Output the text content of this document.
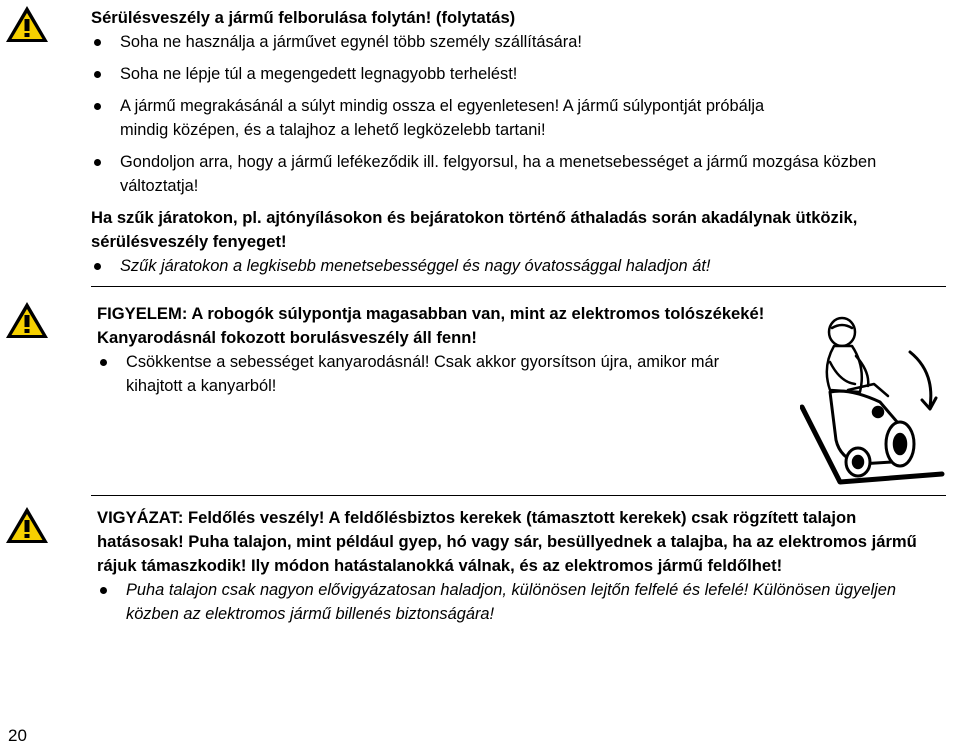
Sérülésveszély a jármű felborulása folytán! (folytatás)

Soha ne használja a járművet egynél több személy szállítására!
Soha ne lépje túl a megengedett legnagyobb terhelést!
A jármű megrakásánál a súlyt mindig ossza el egyenletesen! A jármű súlypontját próbálja mindig középen, és a talajhoz a lehető legközelebb tartani!
Gondoljon arra, hogy a jármű lefékeződik ill. felgyorsul, ha a menetsebességet a jármű mozgása közben változtatja!

Ha szűk járatokon, pl. ajtónyílásokon és bejáratokon történő áthaladás során akadálynak ütközik, sérülésveszély fenyeget!

Szűk járatokon a legkisebb menetsebességgel és nagy óvatossággal haladjon át!

FIGYELEM: A robogók súlypontja magasabban van, mint az elektromos tolószékeké! Kanyarodásnál fokozott borulásveszély áll fenn!

Csökkentse a sebességet kanyarodásnál! Csak akkor gyorsítson újra, amikor már kihajtott a kanyarból!

VIGYÁZAT: Feldőlés veszély! A feldőlésbiztos kerekek (támasztott kerekek) csak rögzített talajon hatásosak! Puha talajon, mint például gyep, hó vagy sár, besüllyednek a talajba, ha az elektromos jármű rájuk támaszkodik! Ily módon hatástalanokká válnak, és az elektromos jármű feldőlhet!

Puha talajon csak nagyon elővigyázatosan haladjon, különösen lejtőn felfelé és lefelé! Különösen ügyeljen közben az elektromos jármű billenés biztonságára!
20
